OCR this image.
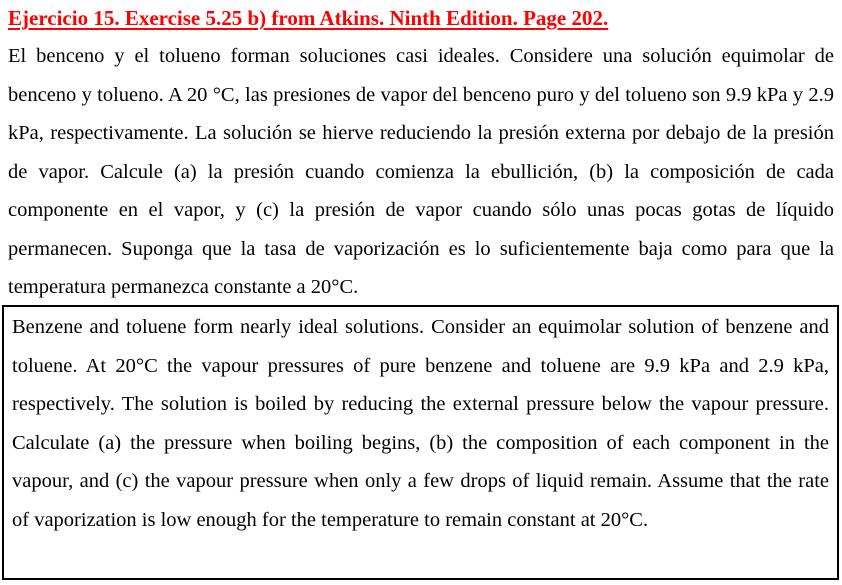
Ejercicio 15. Exercise 5.25 b) from Atkins. Ninth Edition. Page 202.

El benceno y el tolueno forman soluciones casi ideales. Considere una solución equimolar de benceno y tolueno. A 20 °C, las presiones de vapor del benceno puro y del tolueno son 9.9 kPa y 2.9 kPa, respectivamente. La solución se hierve reduciendo la presión externa por debajo de la presión de vapor. Calcule (a) la presión cuando comienza la ebullición, (b) la composición de cada componente en el vapor, y (c) la presión de vapor cuando sólo unas pocas gotas de líquido permanecen. Suponga que la tasa de vaporización es lo suficientemente baja como para que la temperatura permanezca constante a 20°C.

Benzene and toluene form nearly ideal solutions. Consider an equimolar solution of benzene and toluene. At 20°C the vapour pressures of pure benzene and toluene are 9.9 kPa and 2.9 kPa, respectively. The solution is boiled by reducing the external pressure below the vapour pressure. Calculate (a) the pressure when boiling begins, (b) the composition of each component in the vapour, and (c) the vapour pressure when only a few drops of liquid remain. Assume that the rate of vaporization is low enough for the temperature to remain constant at 20°C.
